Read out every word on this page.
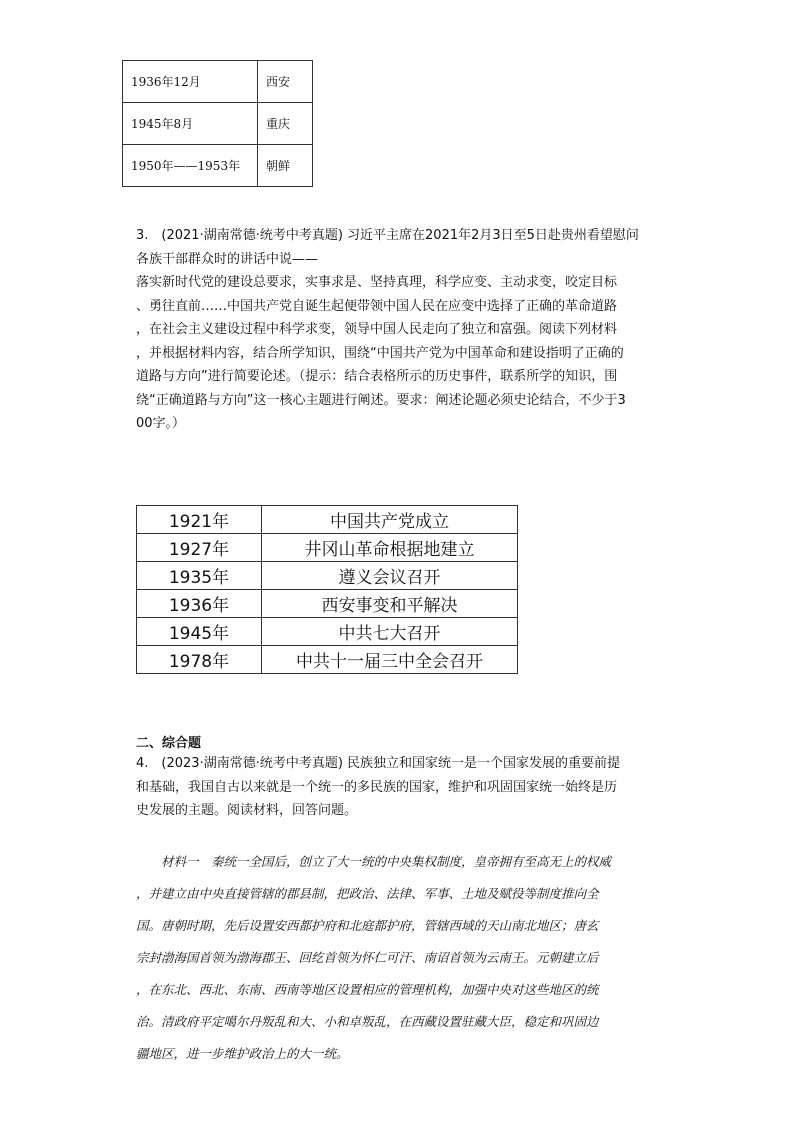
1936年12月	西安
1945年8月	重庆
1950年——1953年	朝鲜
3.　(2021·湖南常德·统考中考真题) 习近平主席在2021年2月3日至5日赴贵州看望慰问
各族干部群众时的讲话中说——
落实新时代党的建设总要求，实事求是、坚持真理，科学应变、主动求变，咬定目标
、勇往直前……中国共产党自诞生起便带领中国人民在应变中选择了正确的革命道路
，在社会主义建设过程中科学求变，领导中国人民走向了独立和富强。阅读下列材料
，并根据材料内容，结合所学知识，围绕“中国共产党为中国革命和建设指明了正确的
道路与方向”进行简要论述。（提示：结合表格所示的历史事件，联系所学的知识，围
绕“正确道路与方向”这一核心主题进行阐述。要求：阐述论题必须史论结合，不少于3
00字。）
1921年	中国共产党成立
1927年	井冈山革命根据地建立
1935年	遵义会议召开
1936年	西安事变和平解决
1945年	中共七大召开
1978年	中共十一届三中全会召开
二、综合题
4.　(2023·湖南常德·统考中考真题) 民族独立和国家统一是一个国家发展的重要前提
和基础，我国自古以来就是一个统一的多民族的国家，维护和巩固国家统一始终是历
史发展的主题。阅读材料，回答问题。
　　材料一　秦统一全国后，创立了大一统的中央集权制度，皇帝拥有至高无上的权威
，并建立由中央直接管辖的郡县制，把政治、法律、军事、土地及赋役等制度推向全
国。唐朝时期，先后设置安西都护府和北庭都护府，管辖西域的天山南北地区；唐玄
宗封渤海国首领为渤海郡王、回纥首领为怀仁可汗、南诏首领为云南王。元朝建立后
，在东北、西北、东南、西南等地区设置相应的管理机构，加强中央对这些地区的统
治。清政府平定噶尔丹叛乱和大、小和卓叛乱，在西藏设置驻藏大臣，稳定和巩固边
疆地区，进一步维护政治上的大一统。
